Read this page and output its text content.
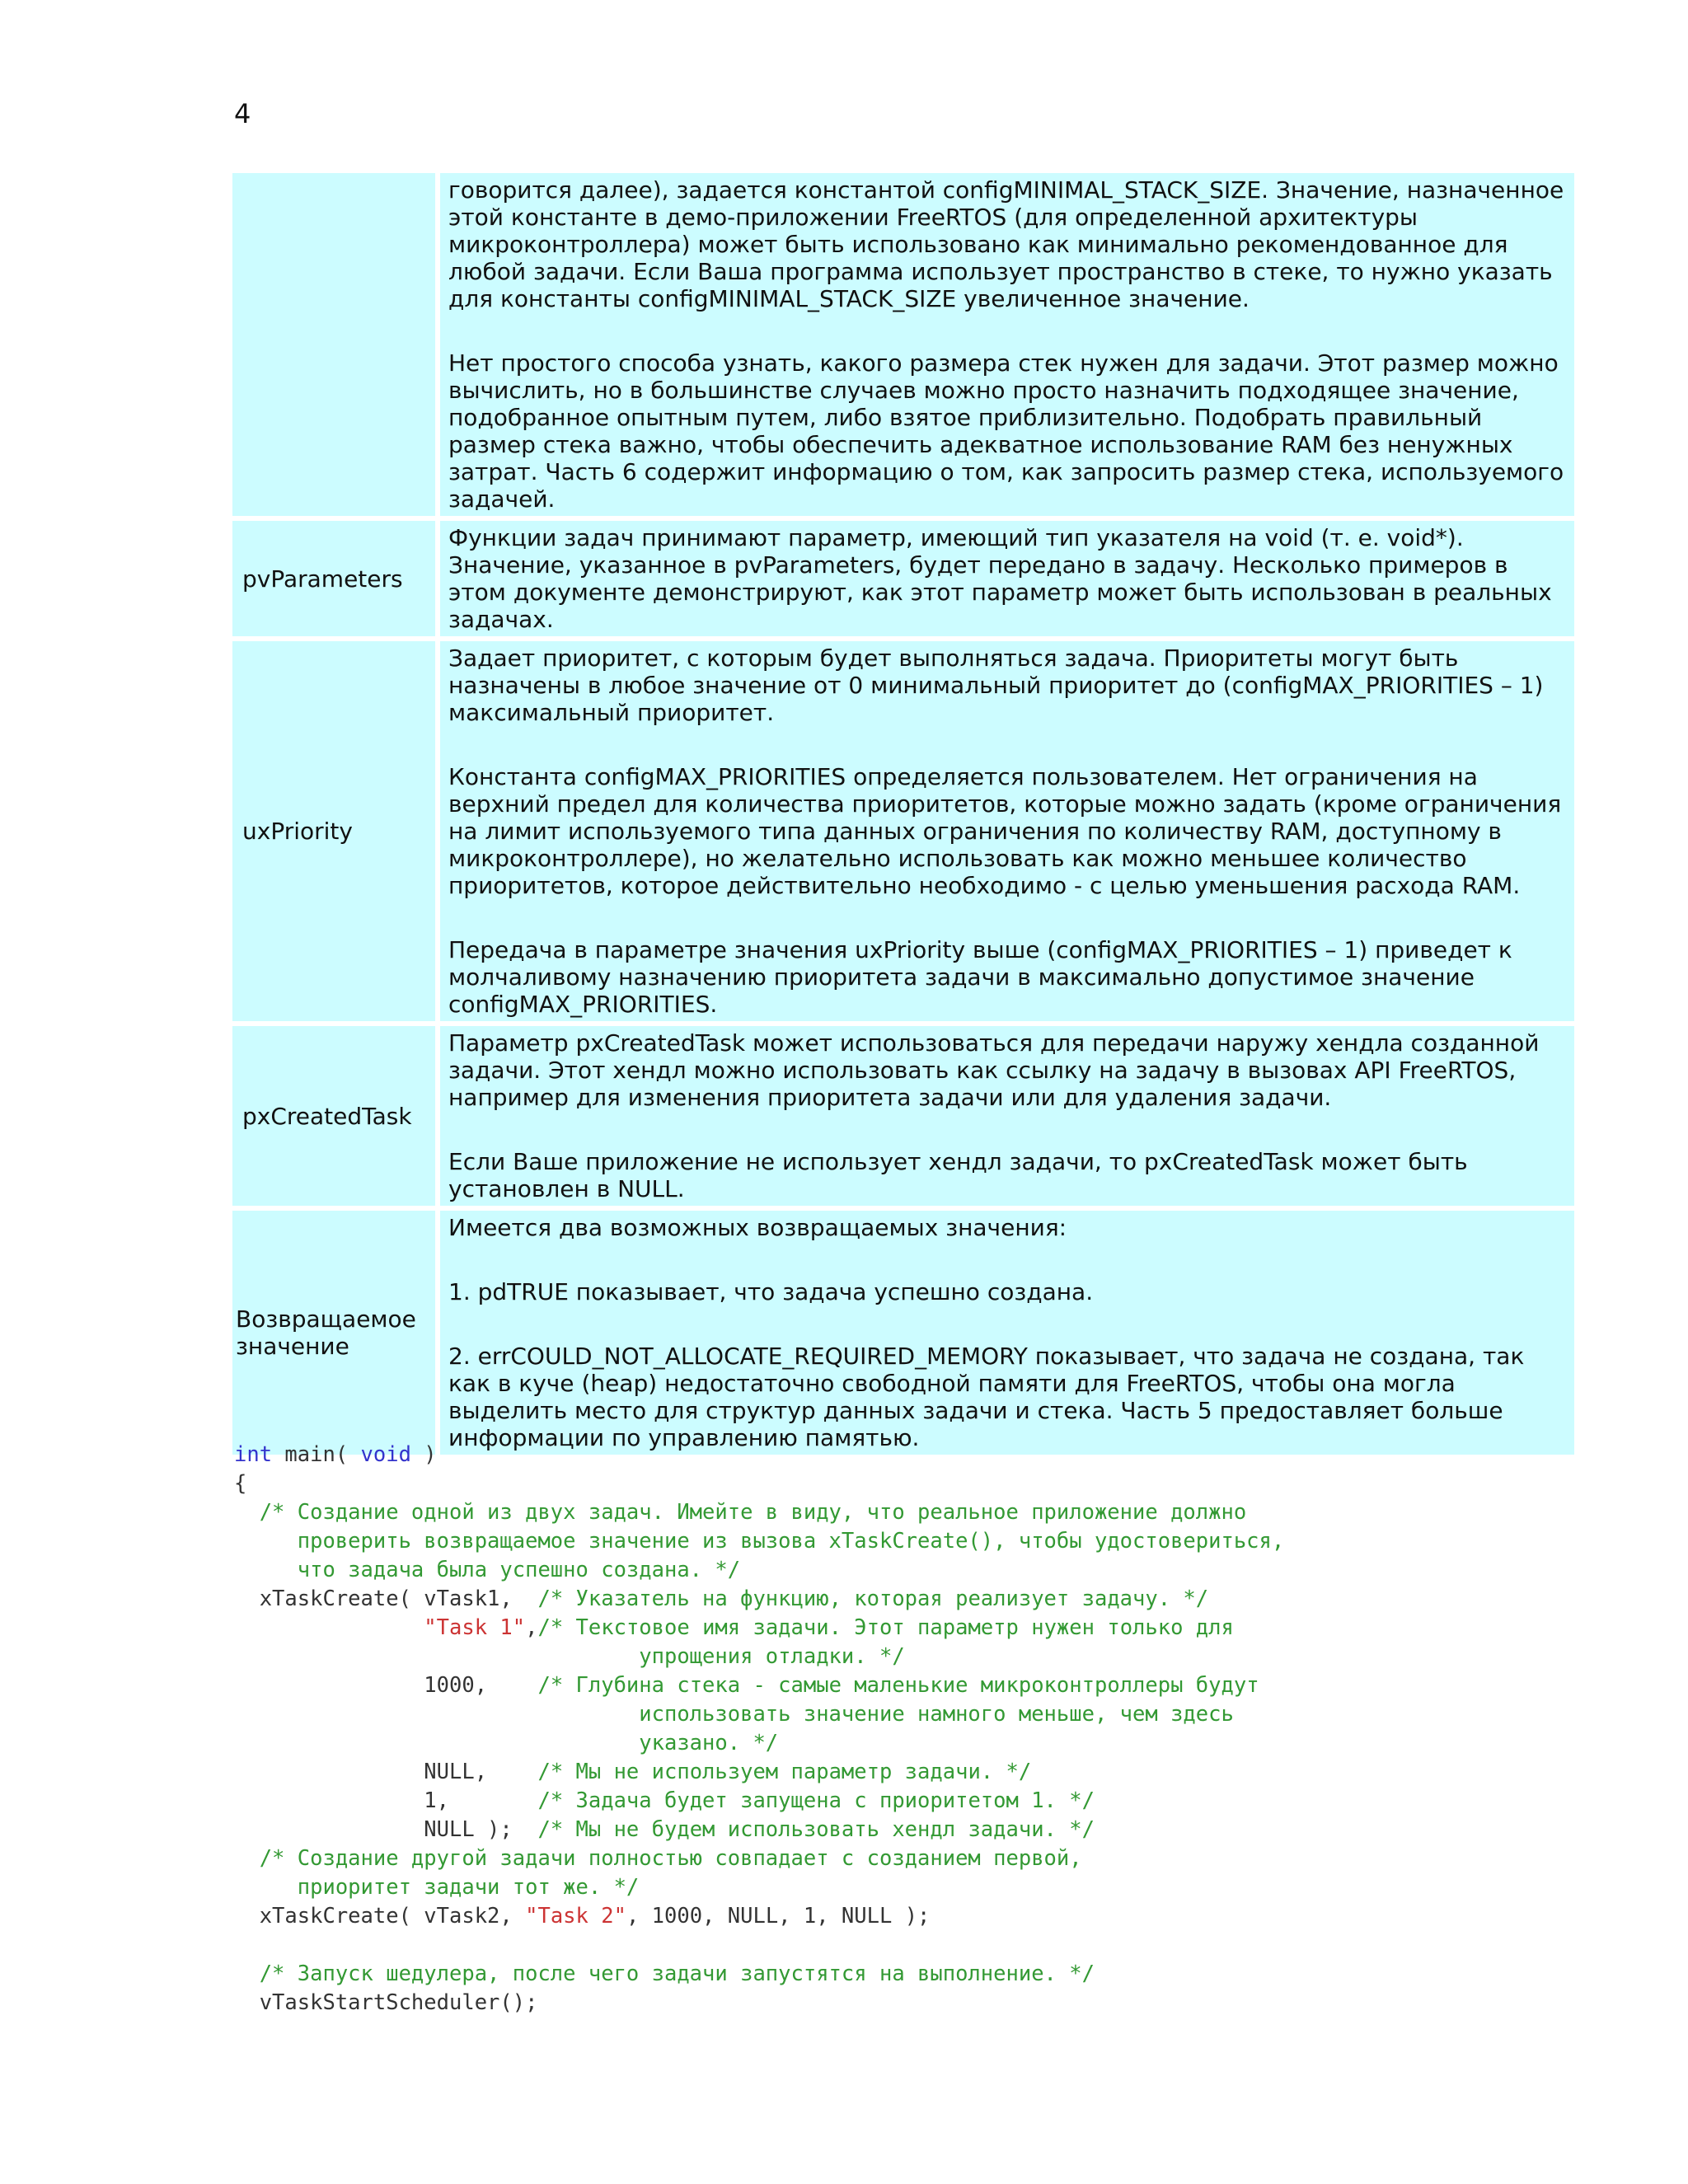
4

говорится далее), задается константой configMINIMAL_STACK_SIZE. Значение, назначенное этой константе в демо-приложении FreeRTOS (для определенной архитектуры микроконтроллера) может быть использовано как минимально рекомендованное для любой задачи. Если Ваша программа использует пространство в стеке, то нужно указать для константы configMINIMAL_STACK_SIZE увеличенное значение.

Нет простого способа узнать, какого размера стек нужен для задачи. Этот размер можно вычислить, но в большинстве случаев можно просто назначить подходящее значение, подобранное опытным путем, либо взятое приблизительно. Подобрать правильный размер стека важно, чтобы обеспечить адекватное использование RAM без ненужных затрат. Часть 6 содержит информацию о том, как запросить размер стека, используемого задачей.

pvParameters

Функции задач принимают параметр, имеющий тип указателя на void (т. е. void*). Значение, указанное в pvParameters, будет передано в задачу. Несколько примеров в этом документе демонстрируют, как этот параметр может быть использован в реальных задачах.

uxPriority

Задает приоритет, с которым будет выполняться задача. Приоритеты могут быть назначены в любое значение от 0 минимальный приоритет до (configMAX_PRIORITIES – 1) максимальный приоритет.

Константа configMAX_PRIORITIES определяется пользователем. Нет ограничения на верхний предел для количества приоритетов, которые можно задать (кроме ограничения на лимит используемого типа данных ограничения по количеству RAM, доступному в микроконтроллере), но желательно использовать как можно меньшее количество приоритетов, которое действительно необходимо - с целью уменьшения расхода RAM.

Передача в параметре значения uxPriority выше (configMAX_PRIORITIES – 1) приведет к молчаливому назначению приоритета задачи в максимально допустимое значение configMAX_PRIORITIES.

pxCreatedTask

Параметр pxCreatedTask может использоваться для передачи наружу хендла созданной задачи. Этот хендл можно использовать как ссылку на задачу в вызовах API FreeRTOS, например для изменения приоритета задачи или для удаления задачи.

Если Ваше приложение не использует хендл задачи, то pxCreatedTask может быть установлен в NULL.

Возвращаемое значение

Имеется два возможных возвращаемых значения:

1. pdTRUE показывает, что задача успешно создана.

2. errCOULD_NOT_ALLOCATE_REQUIRED_MEMORY показывает, что задача не создана, так как в куче (heap) недостаточно свободной памяти для FreeRTOS, чтобы она могла выделить место для структур данных задачи и стека. Часть 5 предоставляет больше информации по управлению памятью.

int main( void )
{
/* Создание одной из двух задач. Имейте в виду, что реальное приложение должно
проверить возвращаемое значение из вызова xTaskCreate(), чтобы удостовериться,
что задача была успешно создана. */
xTaskCreate( vTask1,  /* Указатель на функцию, которая реализует задачу. */
"Task 1",/* Текстовое имя задачи. Этот параметр нужен только для
упрощения отладки. */
1000,    /* Глубина стека - самые маленькие микроконтроллеры будут
использовать значение намного меньше, чем здесь
указано. */
NULL,    /* Мы не используем параметр задачи. */
1,       /* Задача будет запущена с приоритетом 1. */
NULL );  /* Мы не будем использовать хендл задачи. */
/* Создание другой задачи полностью совпадает с созданием первой,
приоритет задачи тот же. */
xTaskCreate( vTask2, "Task 2", 1000, NULL, 1, NULL );
/* Запуск шедулера, после чего задачи запустятся на выполнение. */
vTaskStartScheduler();
